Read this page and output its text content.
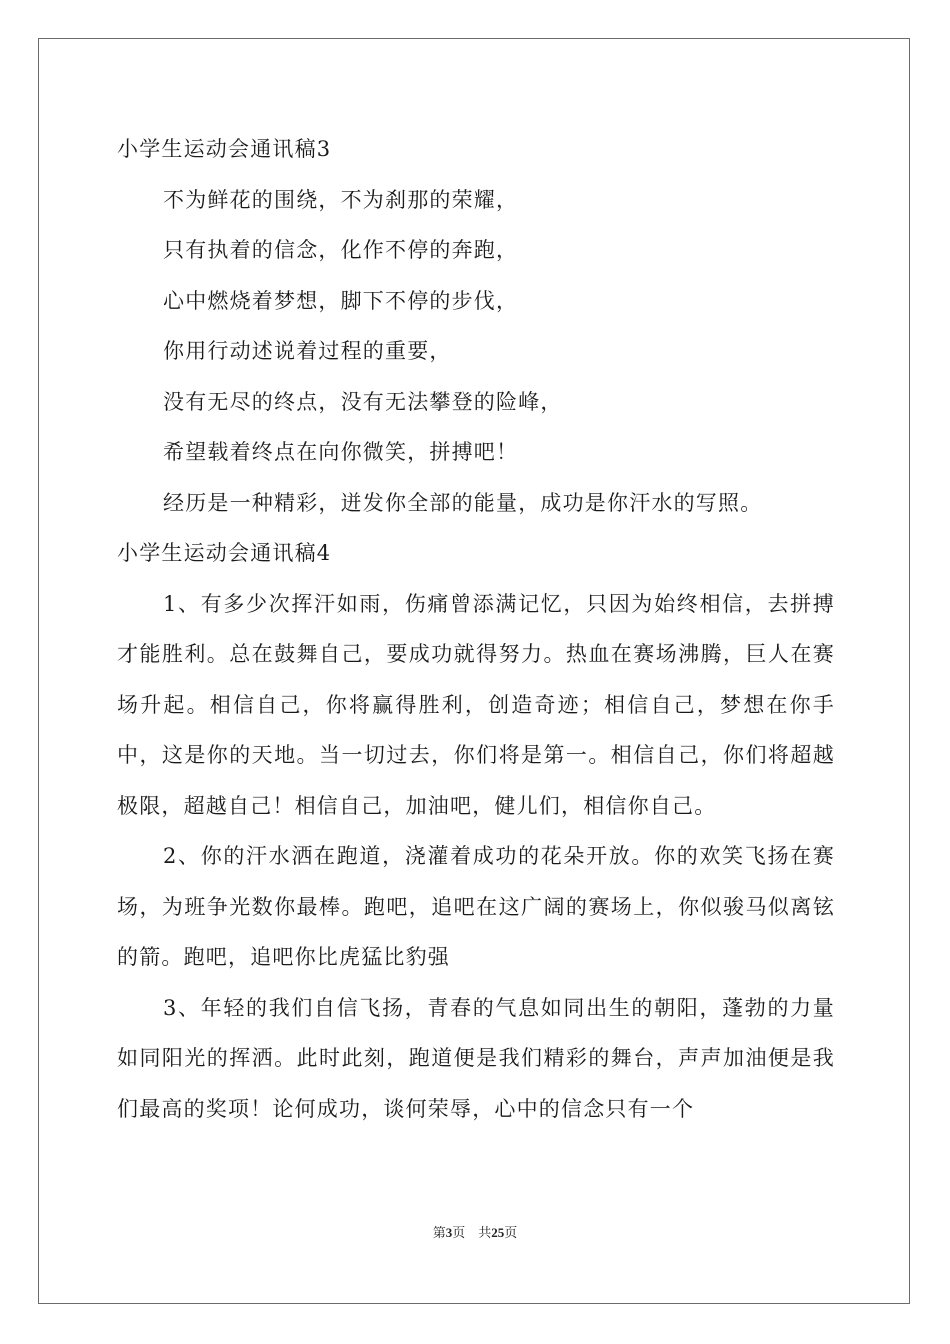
小学生运动会通讯稿3
不为鲜花的围绕，不为刹那的荣耀，
只有执着的信念，化作不停的奔跑，
心中燃烧着梦想，脚下不停的步伐，
你用行动述说着过程的重要，
没有无尽的终点，没有无法攀登的险峰，
希望载着终点在向你微笑，拼搏吧！
经历是一种精彩，迸发你全部的能量，成功是你汗水的写照。
小学生运动会通讯稿4
1、有多少次挥汗如雨，伤痛曾添满记忆，只因为始终相信，去拼搏才能胜利。总在鼓舞自己，要成功就得努力。热血在赛场沸腾，巨人在赛场升起。相信自己，你将赢得胜利，创造奇迹；相信自己，梦想在你手中，这是你的天地。当一切过去，你们将是第一。相信自己，你们将超越极限，超越自己！相信自己，加油吧，健儿们，相信你自己。
2、你的汗水洒在跑道，浇灌着成功的花朵开放。你的欢笑飞扬在赛场，为班争光数你最棒。跑吧，追吧在这广阔的赛场上，你似骏马似离铉的箭。跑吧，追吧你比虎猛比豹强
3、年轻的我们自信飞扬，青春的气息如同出生的朝阳，蓬勃的力量如同阳光的挥洒。此时此刻，跑道便是我们精彩的舞台，声声加油便是我们最高的奖项！论何成功，谈何荣辱，心中的信念只有一个
第3页 共25页
